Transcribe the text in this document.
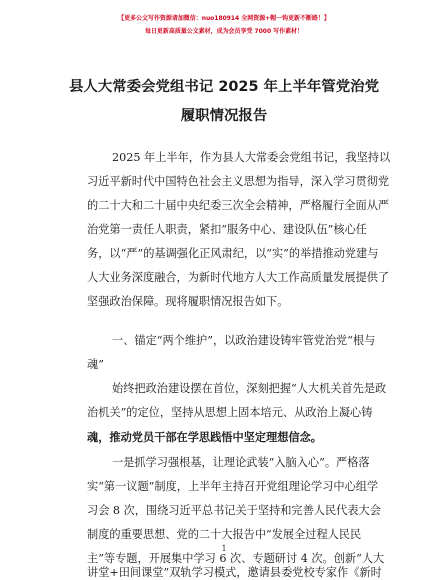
【更多公文写作资源请加微信：nuo180914 全网资源+帽一钩更新不断路！】
每日更新高质量公文素材，成为会员享受 7000 写作素材！
县人大常委会党组书记 2025 年上半年管党治党
履职情况报告
2025 年上半年，作为县人大常委会党组书记，我坚持以
习近平新时代中国特色社会主义思想为指导，深入学习贯彻党
的二十大和二十届中央纪委三次全会精神，严格履行全面从严
治党第一责任人职责，紧扣“服务中心、建设队伍”核心任
务，以“严”的基调强化正风肃纪，以“实”的举措推动党建与
人大业务深度融合，为新时代地方人大工作高质量发展提供了
坚强政治保障。现将履职情况报告如下。
一、锚定“两个维护”，以政治建设铸牢管党治党“根与
魂”
始终把政治建设摆在首位，深刻把握“人大机关首先是政
治机关”的定位，坚持从思想上固本培元、从政治上凝心铸
魂，推动党员干部在学思践悟中坚定理想信念。
一是抓学习强根基，让理论武装“入脑入心”。严格落
实“第一议题”制度，上半年主持召开党组理论学习中心组学
习会 8 次，围绕习近平总书记关于坚持和完善人民代表大会
制度的重要思想、党的二十大报告中“发展全过程人民民
主”等专题，开展集中学习 6 次、专题研讨 4 次。创新“人大
讲堂+田间课堂”双轨学习模式，邀请县委党校专家作《新时
1
